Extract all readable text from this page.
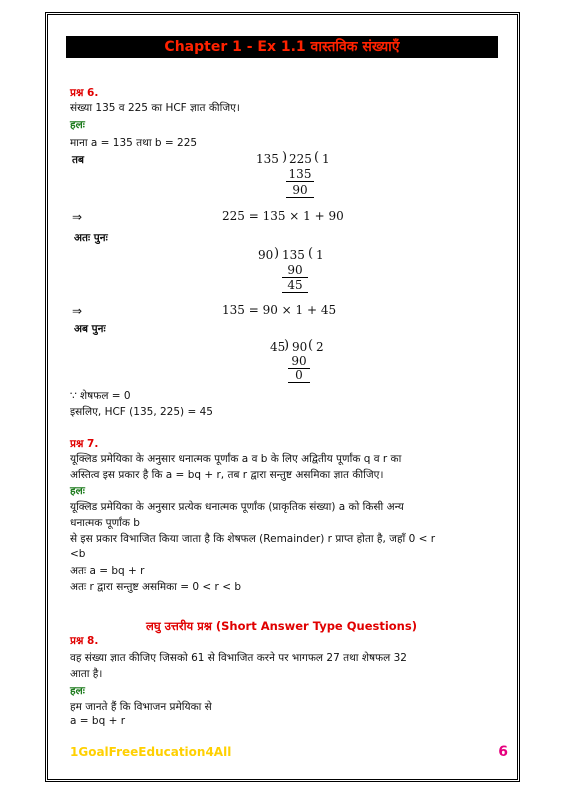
Chapter 1 - Ex 1.1 वास्तविक संख्याएँ
प्रश्न 6.
संख्या 135 व 225 का HCF ज्ञात कीजिए।
हलः
माना a = 135 तथा b = 225
तब	135 ) 225 ( 1
135
90
⇒	225 = 135 × 1 + 90
अतः पुनः
90 ) 135 ( 1
90
45
⇒	135 = 90 × 1 + 45
अब पुनः
45
) 90 ( 2
90
0
∵ शेषफल = 0
इसलिए, HCF (135, 225) = 45
प्रश्न 7.
यूक्लिड प्रमेयिका के अनुसार धनात्मक पूर्णांक a व b के लिए अद्वितीय पूर्णांक q व r का
अस्तित्व इस प्रकार है कि a = bq + r, तब r द्वारा सन्तुष्ट असमिका ज्ञात कीजिए।
हलः
यूक्लिड प्रमेयिका के अनुसार प्रत्येक धनात्मक पूर्णांक (प्राकृतिक संख्या) a को किसी अन्य
धनात्मक पूर्णांक b
से इस प्रकार विभाजित किया जाता है कि शेषफल (Remainder) r प्राप्त होता है, जहाँ 0 < r
<b
अतः a = bq + r
अतः r द्वारा सन्तुष्ट असमिका = 0 < r < b
लघु उत्तरीय प्रश्न (Short Answer Type Questions)
प्रश्न 8.
वह संख्या ज्ञात कीजिए जिसको 61 से विभाजित करने पर भागफल 27 तथा शेषफल 32
आता है।
हलः
हम जानते हैं कि विभाजन प्रमेयिका से
a = bq + r
1GoalFreeEducation4All	6
